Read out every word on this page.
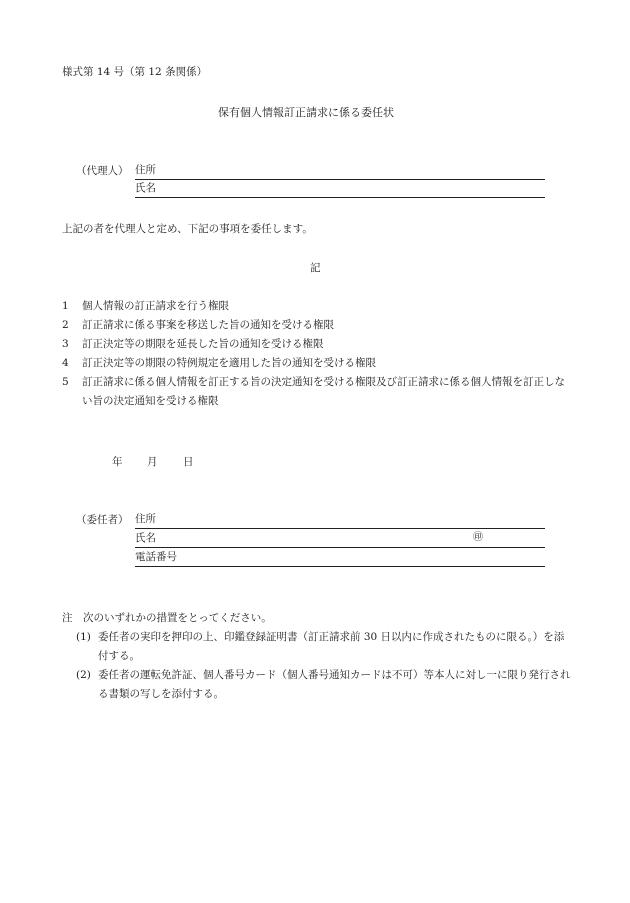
様式第 14 号（第 12 条関係）
保有個人情報訂正請求に係る委任状
（代理人） 住所
氏名
上記の者を代理人と定め、下記の事項を委任します。
記
1 個人情報の訂正請求を行う権限
2 訂正請求に係る事案を移送した旨の通知を受ける権限
3 訂正決定等の期限を延長した旨の通知を受ける権限
4 訂正決定等の期限の特例規定を適用した旨の通知を受ける権限
5 訂正請求に係る個人情報を訂正する旨の決定通知を受ける権限及び訂正請求に係る個人情報を訂正しない旨の決定通知を受ける権限
年 月 日
（委任者） 住所
氏名	㊞
電話番号
注　次のいずれかの措置をとってください。
(1) 委任者の実印を押印の上、印鑑登録証明書（訂正請求前 30 日以内に作成されたものに限る。）を添付する。
(2) 委任者の運転免許証、個人番号カード（個人番号通知カードは不可）等本人に対し一に限り発行される書類の写しを添付する。
